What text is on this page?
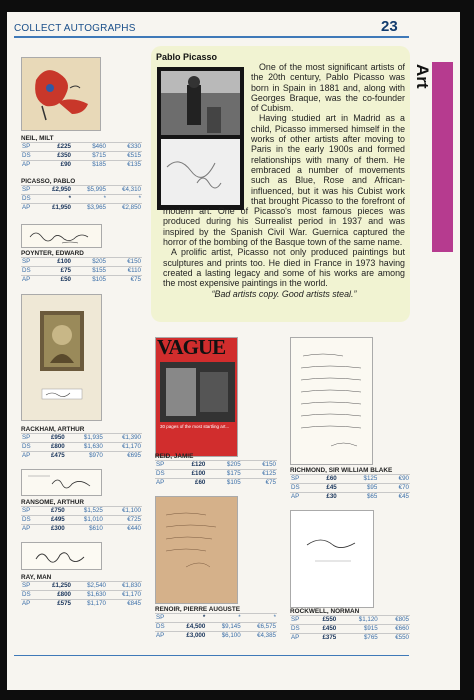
COLLECT AUTOGRAPHS	23
Art
Pablo Picasso

One of the most significant artists of the 20th century, Pablo Picasso was born in Spain in 1881 and, along with Georges Braque, was the co-founder of Cubism.

Having studied art in Madrid as a child, Picasso immersed himself in the works of other artists after moving to Paris in the early 1900s and formed relationships with many of them. He embraced a number of movements such as Blue, Rose and African-influenced, but it was his Cubist work that brought Picasso to the forefront of modern art. One of Picasso's most famous pieces was produced during his Surrealist period in 1937 and was inspired by the Spanish Civil War. Guernica captured the horror of the bombing of the Basque town of the same name.

A prolific artist, Picasso not only produced paintings but sculptures and prints too. He died in France in 1973 having created a lasting legacy and some of his works are among the most expensive paintings in the world.

“Bad artists copy. Good artists steal.”

VAGUE
30 pages of the most startling art...
NEIL, MILT
SP	£225	$460	€330
DS	£350	$715	€515
AP	£90	$185	€135
PICASSO, PABLO
SP	£2,950	$5,995	€4,310
DS	*	*	*
AP	£1,950	$3,965	€2,850
POYNTER, EDWARD
SP	£100	$205	€150
DS	£75	$155	€110
AP	£50	$105	€75
RACKHAM, ARTHUR
SP	£950	$1,935	€1,390
DS	£800	$1,630	€1,170
AP	£475	$970	€695
RANSOME, ARTHUR
SP	£750	$1,525	€1,100
DS	£495	$1,010	€725
AP	£300	$610	€440
RAY, MAN
SP	£1,250	$2,540	€1,830
DS	£800	$1,630	€1,170
AP	£575	$1,170	€845
REID, JAMIE
SP	£120	$205	€150
DS	£100	$175	€125
AP	£60	$105	€75
RENOIR, PIERRE AUGUSTE
SP	*	*	*
DS	£4,500	$9,145	€6,575
AP	£3,000	$6,100	€4,385
RICHMOND, SIR WILLIAM BLAKE
SP	£60	$125	€90
DS	£45	$95	€70
AP	£30	$65	€45
ROCKWELL, NORMAN
SP	£550	$1,120	€805
DS	£450	$915	€660
AP	£375	$765	€550
